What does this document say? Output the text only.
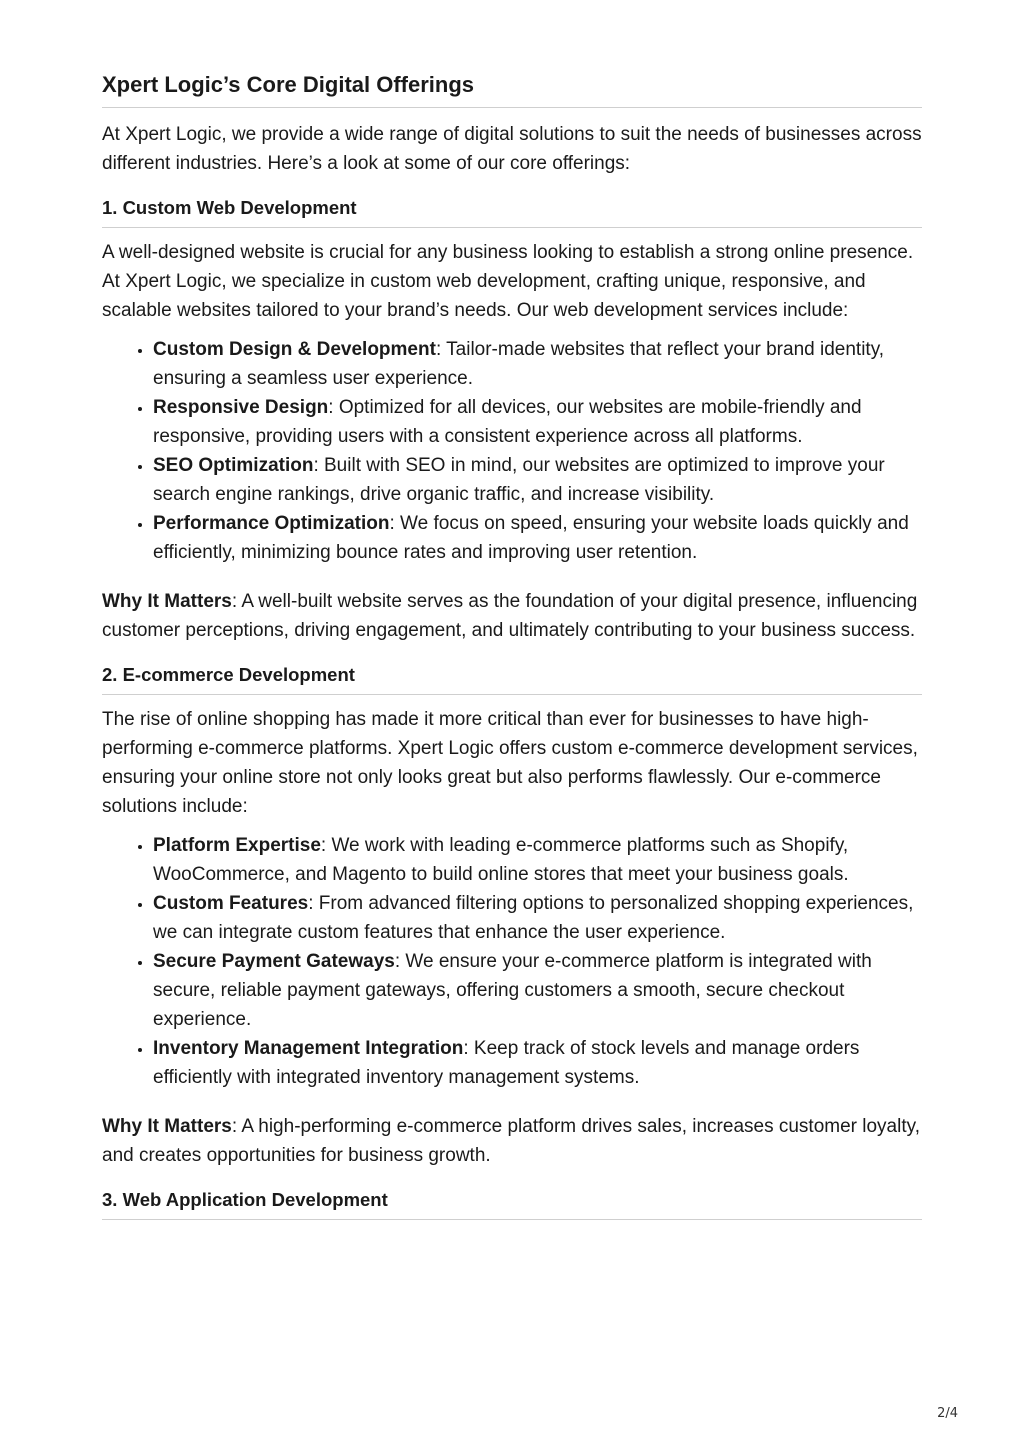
Xpert Logic’s Core Digital Offerings

At Xpert Logic, we provide a wide range of digital solutions to suit the needs of businesses across different industries. Here’s a look at some of our core offerings:

1. Custom Web Development

A well-designed website is crucial for any business looking to establish a strong online presence. At Xpert Logic, we specialize in custom web development, crafting unique, responsive, and scalable websites tailored to your brand’s needs. Our web development services include:

• Custom Design & Development: Tailor-made websites that reflect your brand identity, ensuring a seamless user experience.
• Responsive Design: Optimized for all devices, our websites are mobile-friendly and responsive, providing users with a consistent experience across all platforms.
• SEO Optimization: Built with SEO in mind, our websites are optimized to improve your search engine rankings, drive organic traffic, and increase visibility.
• Performance Optimization: We focus on speed, ensuring your website loads quickly and efficiently, minimizing bounce rates and improving user retention.

Why It Matters: A well-built website serves as the foundation of your digital presence, influencing customer perceptions, driving engagement, and ultimately contributing to your business success.

2. E-commerce Development

The rise of online shopping has made it more critical than ever for businesses to have high-performing e-commerce platforms. Xpert Logic offers custom e-commerce development services, ensuring your online store not only looks great but also performs flawlessly. Our e-commerce solutions include:

• Platform Expertise: We work with leading e-commerce platforms such as Shopify, WooCommerce, and Magento to build online stores that meet your business goals.
• Custom Features: From advanced filtering options to personalized shopping experiences, we can integrate custom features that enhance the user experience.
• Secure Payment Gateways: We ensure your e-commerce platform is integrated with secure, reliable payment gateways, offering customers a smooth, secure checkout experience.
• Inventory Management Integration: Keep track of stock levels and manage orders efficiently with integrated inventory management systems.

Why It Matters: A high-performing e-commerce platform drives sales, increases customer loyalty, and creates opportunities for business growth.

3. Web Application Development
2/4
